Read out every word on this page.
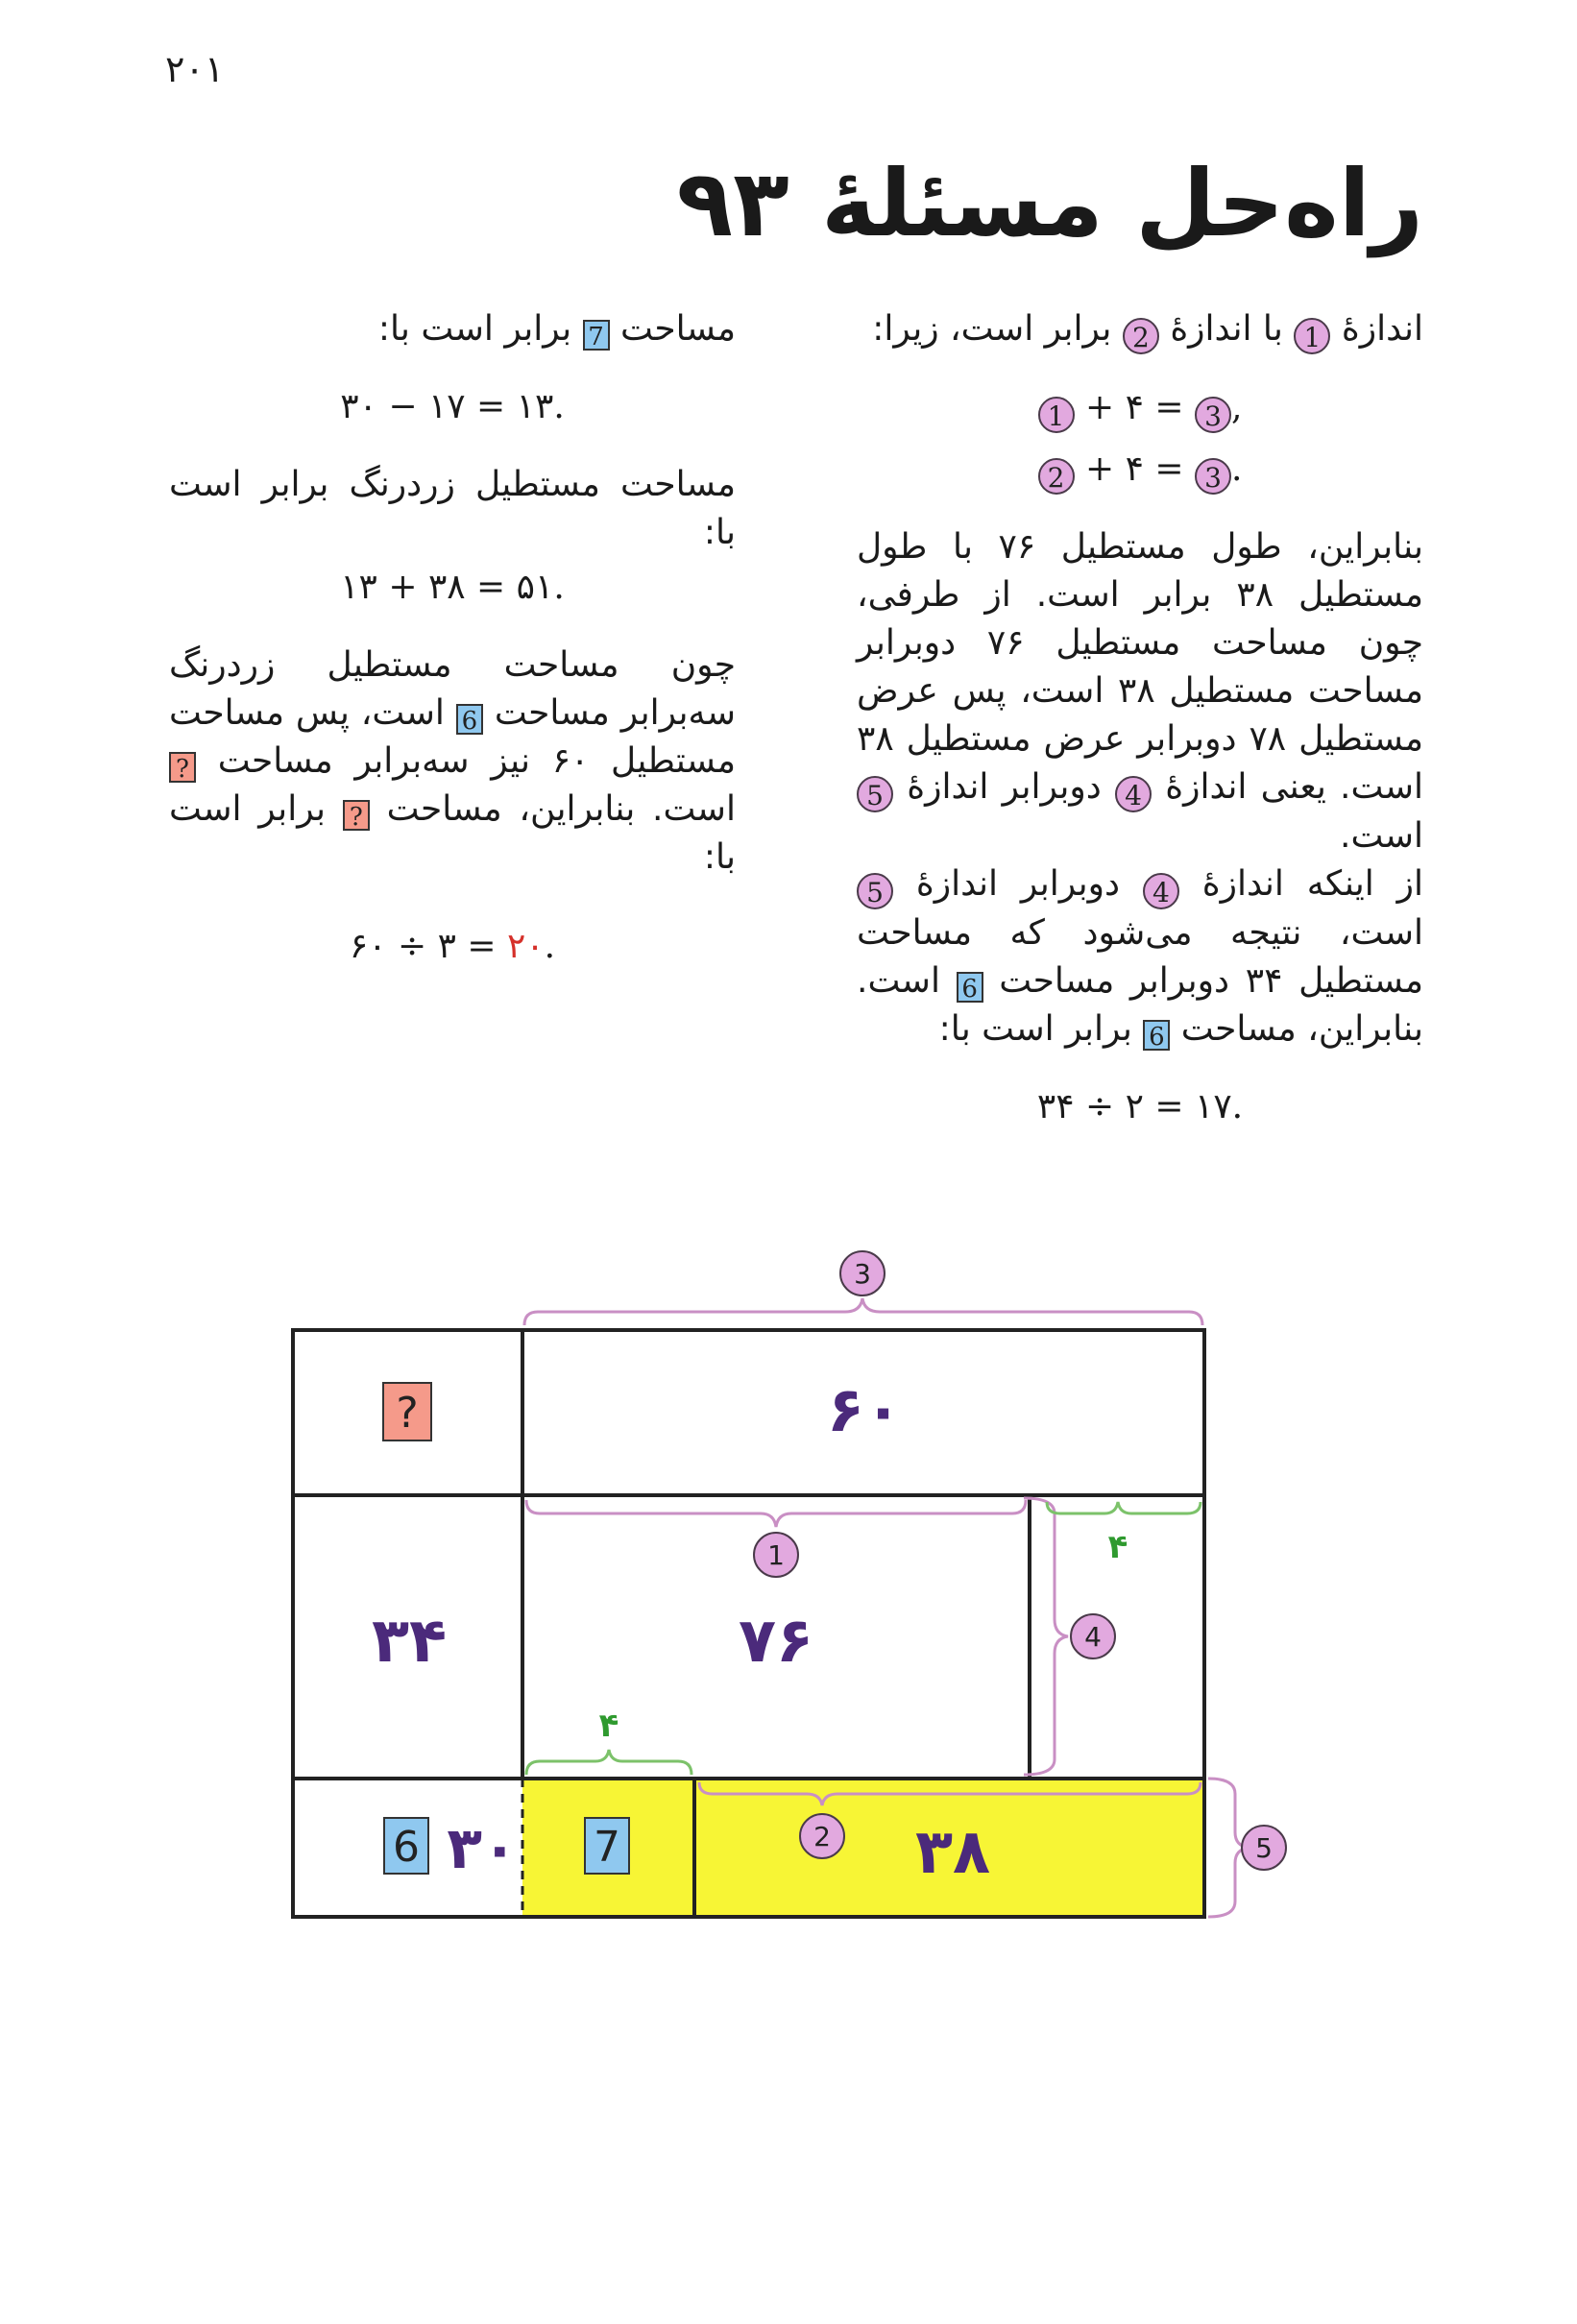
۲۰۱
راه‌حل مسئلهٔ ۹۳

اندازهٔ 1 با اندازهٔ 2 برابر است، زیرا:

1 + ۴ = 3 ,
2 + ۴ = 3 .

بنابراین، طول مستطیل ۷۶ با طول مستطیل ۳۸ برابر است. از طرفی، چون مساحت مستطیل ۷۶ دوبرابر مساحت مستطیل ۳۸ است، پس عرض مستطیل ۷۸ دوبرابر عرض مستطیل ۳۸ است. یعنی اندازهٔ 4 دوبرابر اندازهٔ 5 است.

از اینکه اندازهٔ 4 دوبرابر اندازهٔ 5 است، نتیجه می‌شود که مساحت مستطیل ۳۴ دوبرابر مساحت 6 است. بنابراین، مساحت 6 برابر است با:

۳۴ ÷ ۲ = ۱۷.

مساحت 7 برابر است با:

۳۰ − ۱۷ = ۱۳.

مساحت مستطیل زردرنگ برابر است با:

۱۳ + ۳۸ = ۵۱.

چون مساحت مستطیل زردرنگ سه‌برابر مساحت 6 است، پس مساحت مستطیل ۶۰ نیز سه‌برابر مساحت ? است. بنابراین، مساحت ? برابر است با:

۶۰ ÷ ۳ = ۲۰.
3
1
4
2	5
۴
۴
?
6	7
۶۰
۳۴	۷۶
۳۰	۳۸
